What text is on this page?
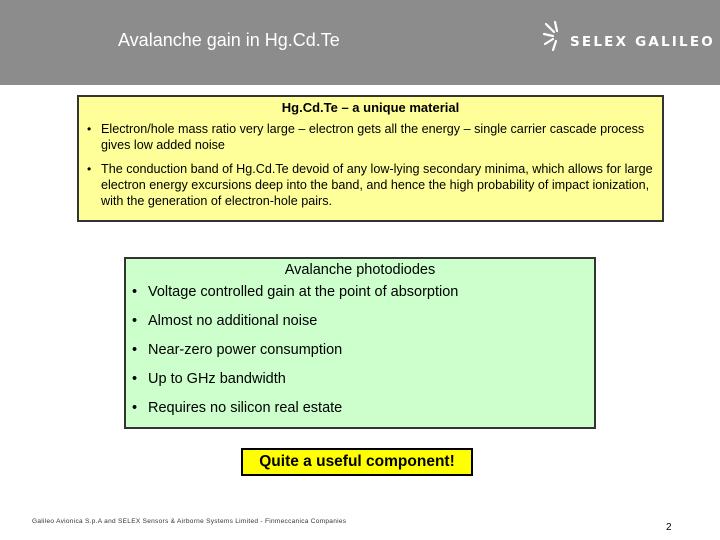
Avalanche gain in Hg.Cd.Te	SELEX GALILEO
Hg.Cd.Te – a unique material
• Electron/hole mass ratio very large – electron gets all the energy – single carrier cascade process gives low added noise
• The conduction band of Hg.Cd.Te devoid of any low-lying secondary minima, which allows for large electron energy excursions deep into the band, and hence the high probability of impact ionization, with the generation of electron-hole pairs.
Avalanche photodiodes
• Voltage controlled gain at the point of absorption
• Almost no additional noise
• Near-zero power consumption
• Up to GHz bandwidth
• Requires no silicon real estate
Quite a useful component!
Galileo Avionica S.p.A and SELEX Sensors & Airborne Systems Limited - Finmeccanica Companies
2
